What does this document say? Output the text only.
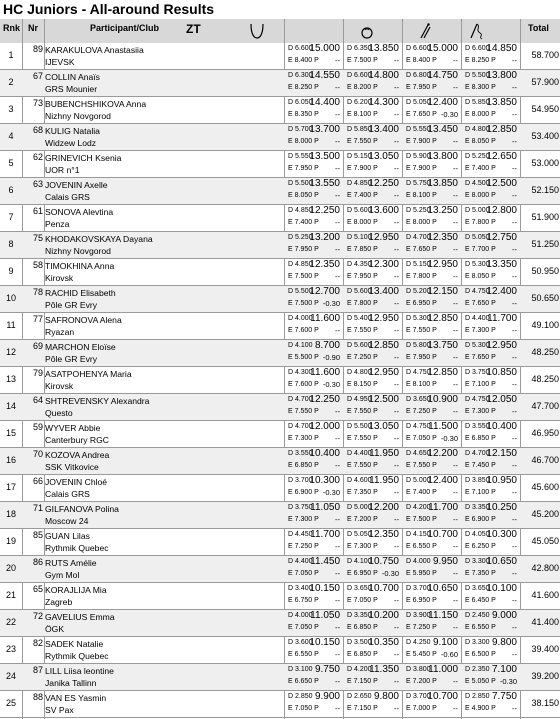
HC Juniors - All-around Results
Rnk Nr	Participant/Club ZT	Total
1
89 KARAKULOVA Anastasiia
IJEVSK
D 6.600
15.000
E 8.400 P --
D 6.350
13.850
E 7.500 P --
D 6.600
15.000
E 8.400 P --
D 6.600
14.850
E 8.250 P --
58.700
2
67 COLLIN Anaïs
GRS Mounier
D 6.300
14.550
E 8.250 P --
D 6.600
14.800
E 8.200 P --
D 6.800
14.750
E 7.950 P --
D 5.500
13.800
E 8.300 P --
57.900
3
73 BUBENCHSHIKOVA Anna
Nizhny Novgorod
D 6.050
14.400
E 8.350 P --
D 6.200
14.300
E 8.100 P --
D 5.050
12.400
E 7.650 P -0.30
D 5.850
13.850
E 8.000 P --
54.950
4
68 KULIG Natalia
Widzew Lodz
D 5.700
13.700
E 8.000 P --
D 5.850
13.400
E 7.550 P --
D 5.550
13.450
E 7.900 P --
D 4.800
12.850
E 8.050 P --
53.400
5
62 GRINEVICH Ksenia
UOR n°1
D 5.550
13.500
E 7.950 P --
D 5.150
13.050
E 7.900 P --
D 5.900
13.800
E 7.900 P --
D 5.250
12.650
E 7.400 P --
53.000
6
63 JOVENIN Axelle
Calais GRS
D 5.500
13.550
E 8.050 P --
D 4.850
12.250
E 7.400 P --
D 5.750
13.850
E 8.100 P --
D 4.500
12.500
E 8.000 P --
52.150
7
61 SONOVA Alevtina
Penza
D 4.850
12.250
E 7.400 P --
D 5.600
13.600
E 8.000 P --
D 5.250
13.250
E 8.000 P --
D 5.000
12.800
E 7.800 P --
51.900
8
75 KHODAKOVSKAYA Dayana
Nizhny Novgorod
D 5.250
13.200
E 7.950 P --
D 5.100
12.950
E 7.850 P --
D 4.700
12.350
E 7.650 P --
D 5.050
12.750
E 7.700 P --
51.250
9
58 TIMOKHINA Anna
Kirovsk
D 4.850
12.350
E 7.500 P --
D 4.350
12.300
E 7.950 P --
D 5.150
12.950
E 7.800 P --
D 5.300
13.350
E 8.050 P --
50.950
10
78 RACHID Elisabeth
Pôle GR Evry
D 5.500
12.700
E 7.500 P -0.30
D 5.600
13.400
E 7.800 P --
D 5.200
12.150
E 6.950 P --
D 4.750
12.400
E 7.650 P --
50.650
11
77 SAFRONOVA Alena
Ryazan
D 4.000
11.600
E 7.600 P --
D 5.400
12.950
E 7.550 P --
D 5.300
12.850
E 7.550 P --
D 4.400
11.700
E 7.300 P --
49.100
12
69 MARCHON Eloïse
Pôle GR Evry
D 4.100 8.700
E 5.500 P -0.90
D 5.600
12.850
E 7.250 P --
D 5.800
13.750
E 7.950 P --
D 5.300
12.950
E 7.650 P --
48.250
13
79 ASATPOHENYA Maria
Kirovsk
D 4.300
11.600
E 7.600 P -0.30
D 4.800
12.950
E 8.150 P --
D 4.750
12.850
E 8.100 P --
D 3.750
10.850
E 7.100 P --
48.250
14
64 SHTREVENSKY Alexandra
Questo
D 4.700
12.250
E 7.550 P --
D 4.950
12.500
E 7.550 P --
D 3.650
10.900
E 7.250 P --
D 4.750
12.050
E 7.300 P --
47.700
15
59 WYVER Abbie
Canterbury RGC
D 4.700
12.000
E 7.300 P --
D 5.500
13.050
E 7.550 P --
D 4.750
11.500
E 7.050 P -0.30
D 3.550
10.400
E 6.850 P --
46.950
16
70 KOZOVA Andrea
SSK Vitkovice
D 3.550
10.400
E 6.850 P --
D 4.400
11.950
E 7.550 P --
D 4.650
12.200
E 7.550 P --
D 4.700
12.150
E 7.450 P --
46.700
17
66 JOVENIN Chloé
Calais GRS
D 3.700
10.300
E 6.900 P -0.30
D 4.600
11.950
E 7.350 P --
D 5.000
12.400
E 7.400 P --
D 3.850
10.950
E 7.100 P --
45.600
18
71 GILFANOVA Polina
Moscow 24
D 3.750
11.050
E 7.300 P --
D 5.000
12.200
E 7.200 P --
D 4.200
11.700
E 7.500 P --
D 3.350
10.250
E 6.900 P --
45.200
19
85 GUAN Lilas
Rythmik Quebec
D 4.450
11.700
E 7.250 P --
D 5.050
12.350
E 7.300 P --
D 4.150
10.700
E 6.550 P --
D 4.050
10.300
E 6.250 P --
45.050
20
86 RUTS Amélie
Gym Mol
D 4.400
11.450
E 7.050 P --
D 4.100
10.750
E 6.950 P -0.30
D 4.000 9.950
E 5.950 P --
D 3.300
10.650
E 7.350 P --
42.800
21
65 KORAJLIJA Mia
Zagreb
D 3.400
10.150
E 6.750 P --
D 3.650
10.700
E 7.050 P --
D 3.700
10.650
E 6.950 P --
D 3.650
10.100
E 6.450 P --
41.600
22
72 GAVELIUS Emma
ÖGK
D 4.000
11.050
E 7.050 P --
D 3.350
10.200
E 6.850 P --
D 3.900
11.150
E 7.250 P --
D 2.450 9.000
E 6.550 P --
41.400
23
82 SADEK Natalie
Rythmik Quebec
D 3.600
10.150
E 6.550 P --
D 3.500
10.350
E 6.850 P --
D 4.250 9.100
E 5.450 P -0.60
D 3.300 9.800
E 6.500 P --
39.400
24
87 LILL Liisa leontine
Janika Tallinn
D 3.100 9.750
E 6.650 P --
D 4.200
11.350
E 7.150 P --
D 3.800
11.000
E 7.200 P --
D 2.350 7.100
E 5.050 P -0.30
39.200
25
88 VAN ES Yasmin
SV Pax
D 2.850 9.900
E 7.050 P --
D 2.650 9.800
E 7.150 P --
D 3.700
10.700
E 7.000 P --
D 2.850 7.750
E 4.900 P --
38.150
